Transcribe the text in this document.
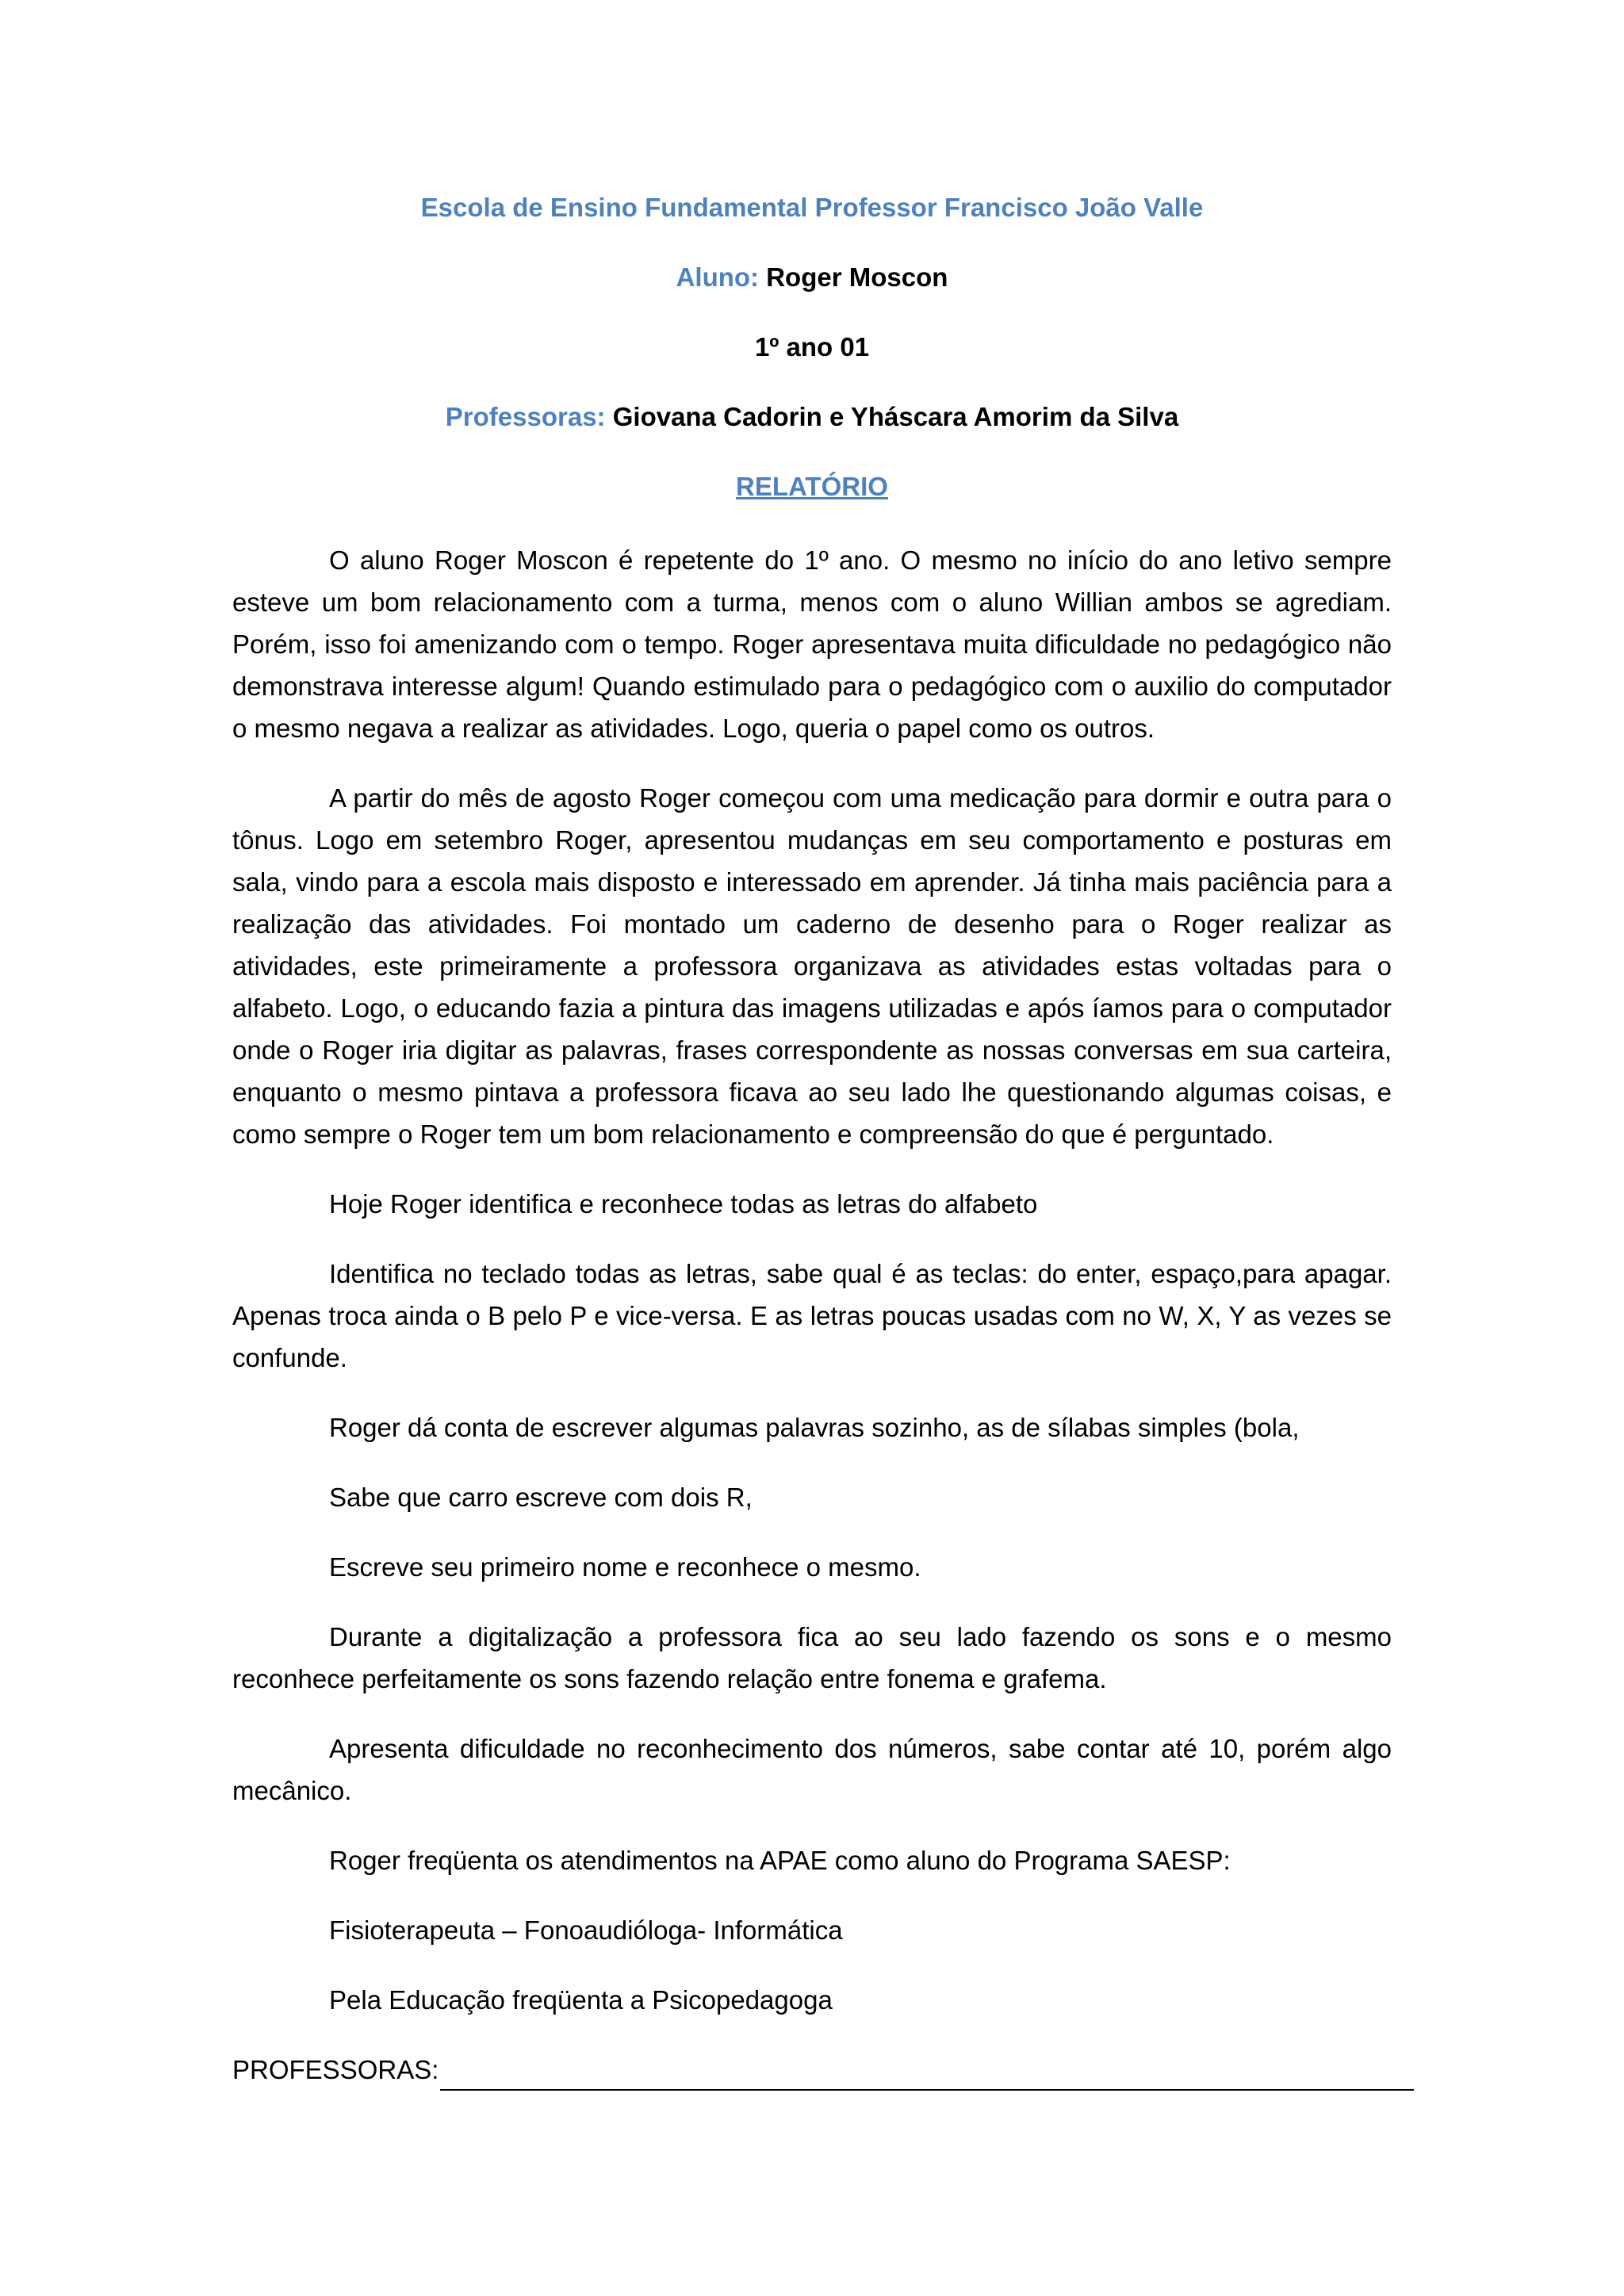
Escola de Ensino Fundamental Professor Francisco João Valle

Aluno: Roger Moscon

1º ano 01

Professoras: Giovana Cadorin e Yháscara Amorim da Silva

RELATÓRIO

O aluno Roger Moscon é repetente do 1º ano. O mesmo no início do ano letivo sempre esteve um bom relacionamento com a turma, menos com o aluno Willian ambos se agrediam. Porém, isso foi amenizando com o tempo. Roger apresentava muita dificuldade no pedagógico não demonstrava interesse algum! Quando estimulado para o pedagógico com o auxilio do computador o mesmo negava a realizar as atividades. Logo, queria o papel como os outros.

A partir do mês de agosto Roger começou com uma medicação para dormir e outra para o tônus. Logo em setembro Roger, apresentou mudanças em seu comportamento e posturas em sala, vindo para a escola mais disposto e interessado em aprender. Já tinha mais paciência para a realização das atividades. Foi montado um caderno de desenho para o Roger realizar as atividades, este primeiramente a professora organizava as atividades estas voltadas para o alfabeto. Logo, o educando fazia a pintura das imagens utilizadas e após íamos para o computador onde o Roger iria digitar as palavras, frases correspondente as nossas conversas em sua carteira, enquanto o mesmo pintava a professora ficava ao seu lado lhe questionando algumas coisas, e como sempre o Roger tem um bom relacionamento e compreensão do que é perguntado.

Hoje Roger identifica e reconhece todas as letras do alfabeto

Identifica no teclado todas as letras, sabe qual é as teclas: do enter, espaço,para apagar. Apenas troca ainda o B pelo P e vice-versa. E as letras poucas usadas com no W, X, Y as vezes se confunde.

Roger dá conta de escrever algumas palavras sozinho, as de sílabas simples (bola,

Sabe que carro escreve com dois R,

Escreve seu primeiro nome e reconhece o mesmo.

Durante a digitalização a professora fica ao seu lado fazendo os sons e o mesmo reconhece perfeitamente os sons fazendo relação entre fonema e grafema.

Apresenta dificuldade no reconhecimento dos números, sabe contar até 10, porém algo mecânico.

Roger freqüenta os atendimentos na APAE como aluno do Programa SAESP:

Fisioterapeuta – Fonoaudióloga- Informática

Pela Educação freqüenta a Psicopedagoga

PROFESSORAS:
